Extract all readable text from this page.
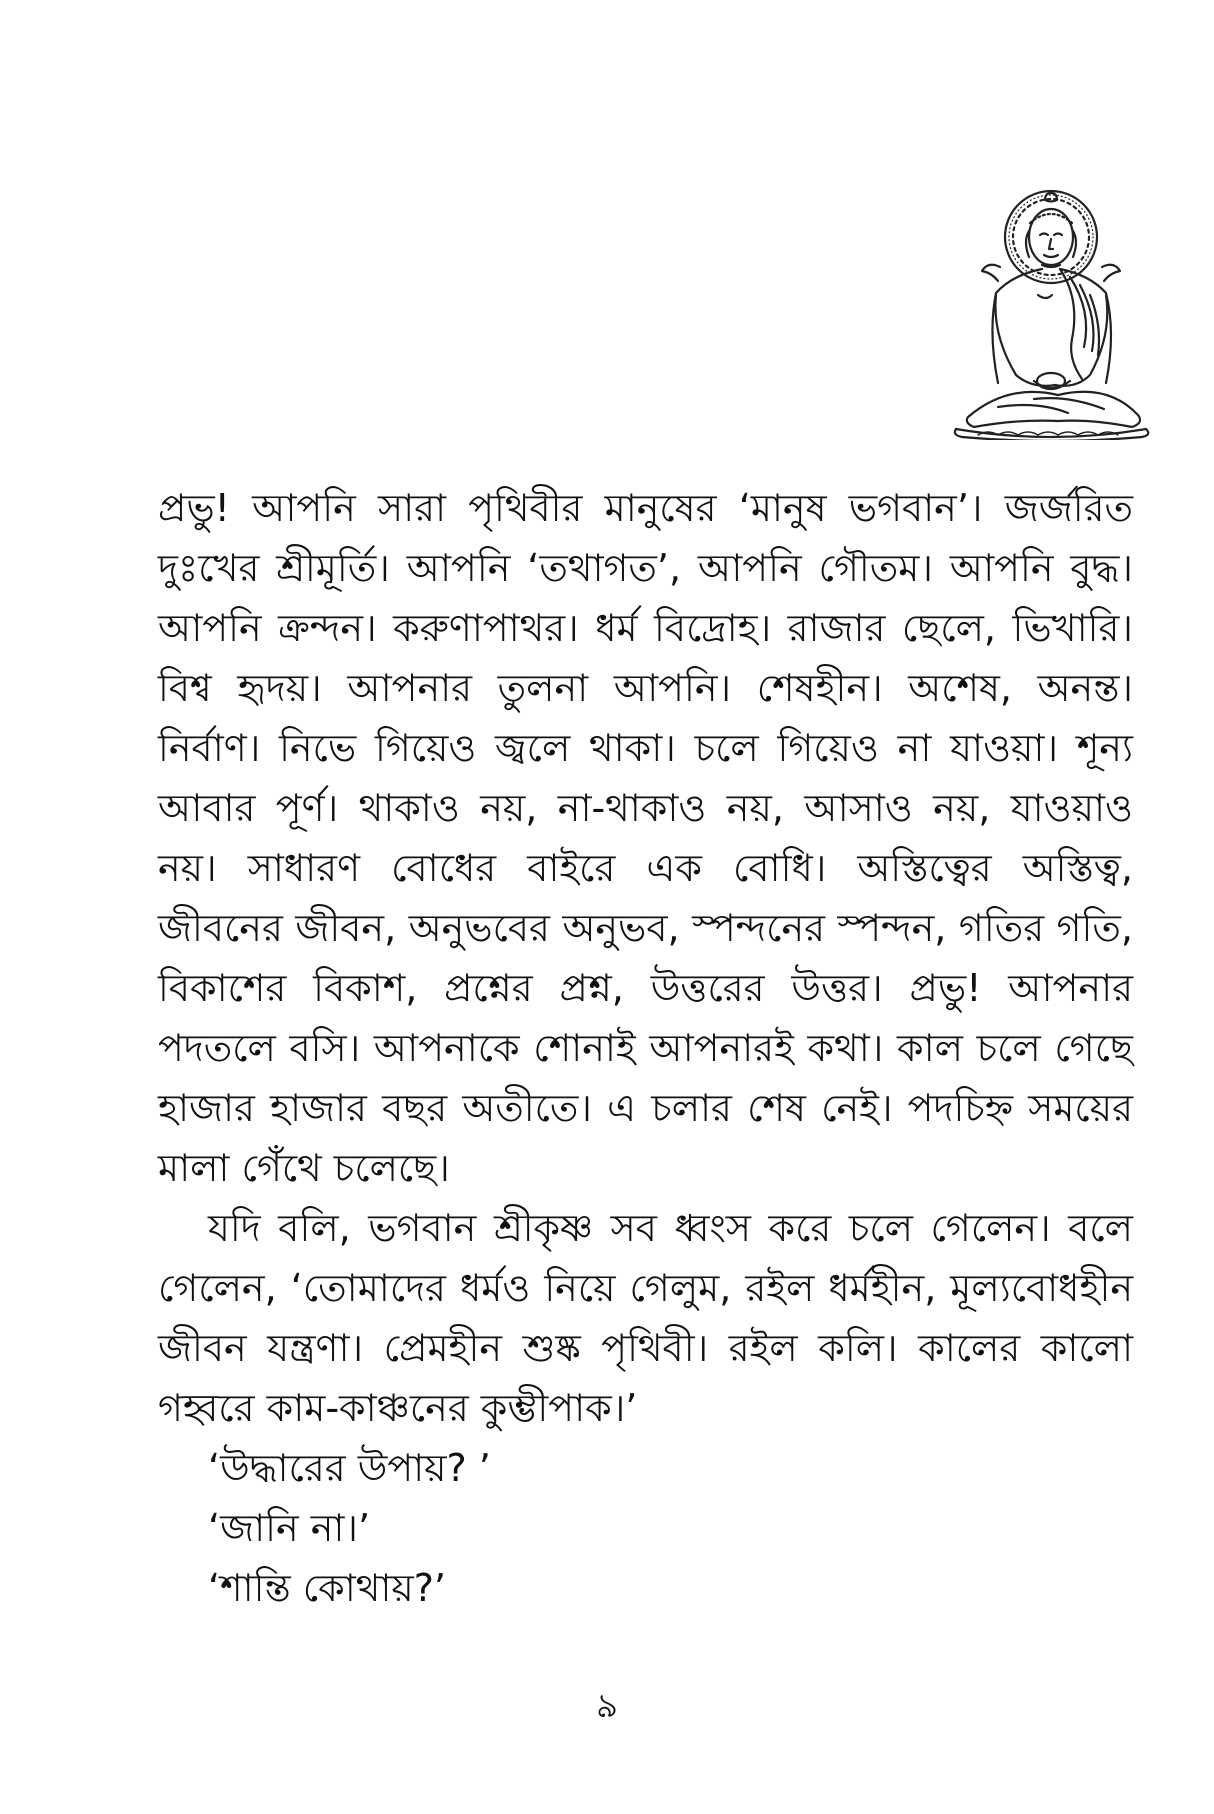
প্রভু! আপনি সারা পৃথিবীর মানুষের ‘মানুষ ভগবান’। জর্জরিত দুঃখের শ্রীমূর্তি। আপনি ‘তথাগত’, আপনি গৌতম। আপনি বুদ্ধ। আপনি ক্রন্দন। করুণাপাথর। ধর্ম বিদ্রোহ। রাজার ছেলে, ভিখারি। বিশ্ব হৃদয়। আপনার তুলনা আপনি। শেষহীন। অশেষ, অনন্ত। নির্বাণ। নিভে গিয়েও জ্বলে থাকা। চলে গিয়েও না যাওয়া। শূন্য আবার পূর্ণ। থাকাও নয়, না-থাকাও নয়, আসাও নয়, যাওয়াও নয়। সাধারণ বোধের বাইরে এক বোধি। অস্তিত্বের অস্তিত্ব, জীবনের জীবন, অনুভবের অনুভব, স্পন্দনের স্পন্দন, গতির গতি, বিকাশের বিকাশ, প্রশ্নের প্রশ্ন, উত্তরের উত্তর। প্রভু! আপনার পদতলে বসি। আপনাকে শোনাই আপনারই কথা। কাল চলে গেছে হাজার হাজার বছর অতীতে। এ চলার শেষ নেই। পদচিহ্ন সময়ের মালা গেঁথে চলেছে।

যদি বলি, ভগবান শ্রীকৃষ্ণ সব ধ্বংস করে চলে গেলেন। বলে গেলেন, ‘তোমাদের ধর্মও নিয়ে গেলুম, রইল ধর্মহীন, মূল্যবোধহীন জীবন যন্ত্রণা। প্রেমহীন শুষ্ক পৃথিবী। রইল কলি। কালের কালো গহ্বরে কাম-কাঞ্চনের কুম্ভীপাক।’

‘উদ্ধারের উপায়? ’

‘জানি না।’

‘শান্তি কোথায়?’

৯
